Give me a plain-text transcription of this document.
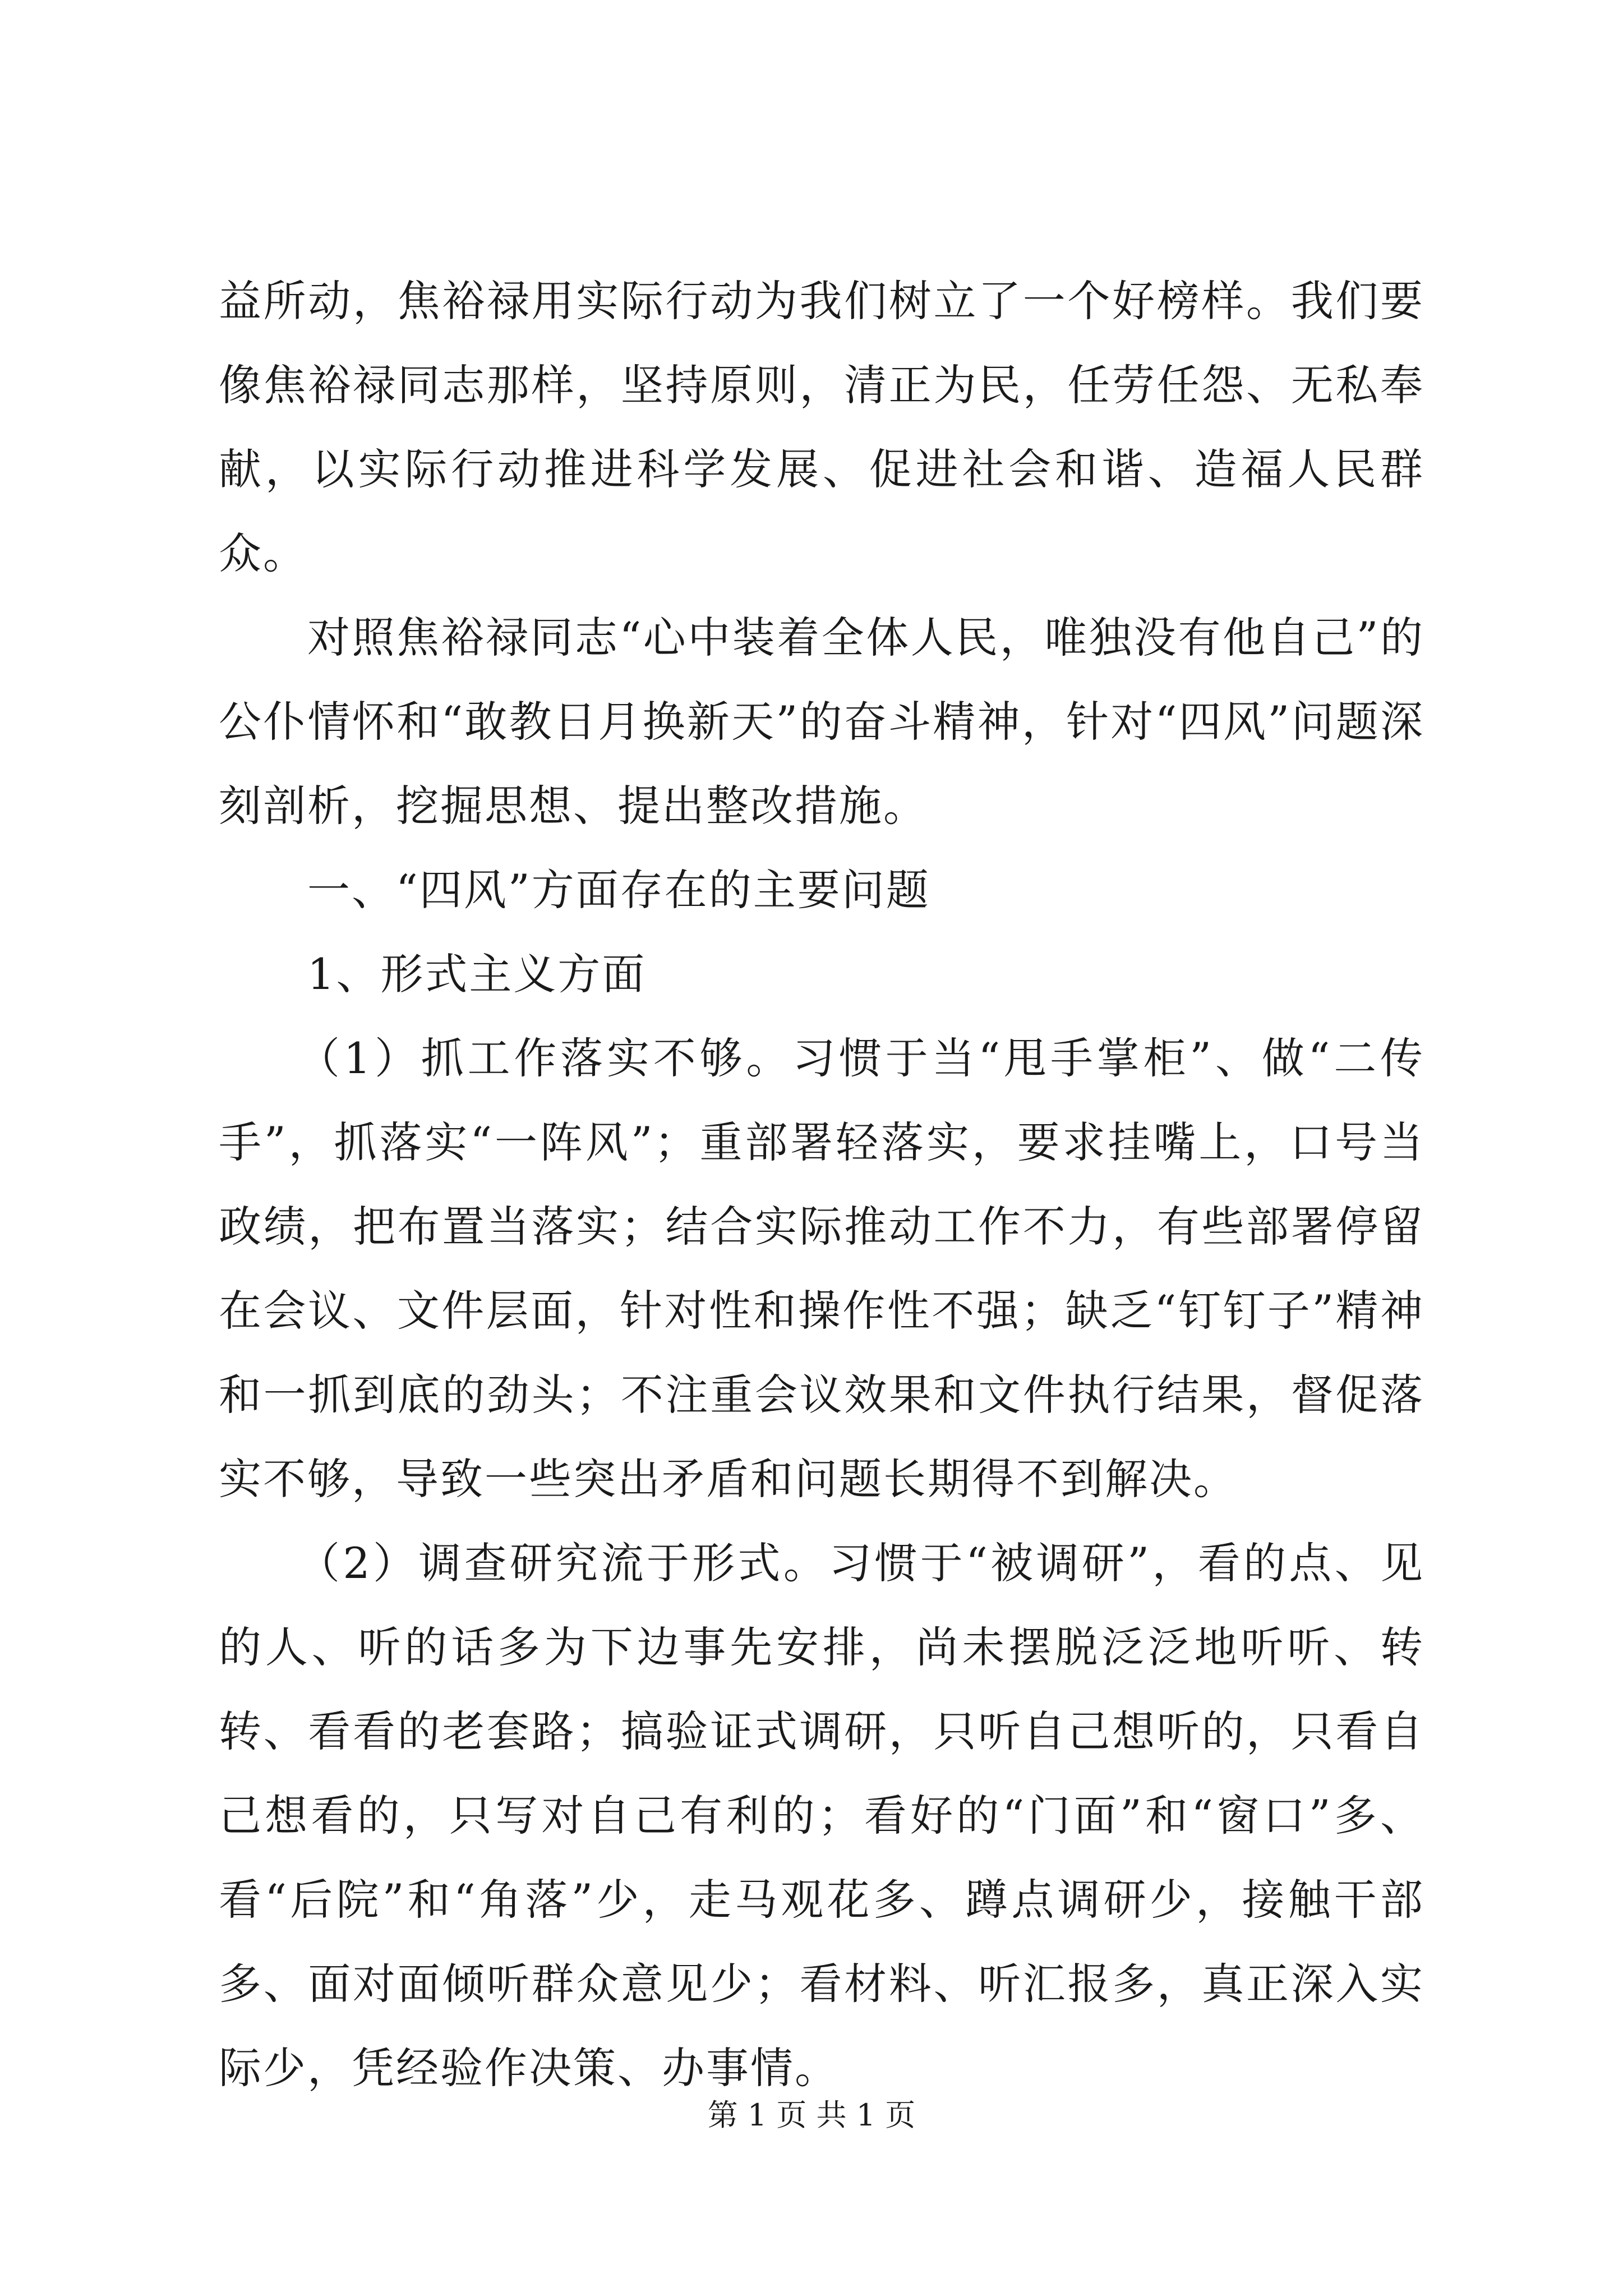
益所动，焦裕禄用实际行动为我们树立了一个好榜样。我们要像焦裕禄同志那样，坚持原则，清正为民，任劳任怨、无私奉献，以实际行动推进科学发展、促进社会和谐、造福人民群众。

对照焦裕禄同志“心中装着全体人民，唯独没有他自己”的公仆情怀和“敢教日月换新天”的奋斗精神，针对“四风”问题深刻剖析，挖掘思想、提出整改措施。

一、“四风”方面存在的主要问题

1、形式主义方面

（1）抓工作落实不够。习惯于当“甩手掌柜”、做“二传手”，抓落实“一阵风”；重部署轻落实，要求挂嘴上，口号当政绩，把布置当落实；结合实际推动工作不力，有些部署停留在会议、文件层面，针对性和操作性不强；缺乏“钉钉子”精神和一抓到底的劲头；不注重会议效果和文件执行结果，督促落实不够，导致一些突出矛盾和问题长期得不到解决。

（2）调查研究流于形式。习惯于“被调研”，看的点、见的人、听的话多为下边事先安排，尚未摆脱泛泛地听听、转转、看看的老套路；搞验证式调研，只听自己想听的，只看自己想看的，只写对自己有利的；看好的“门面”和“窗口”多、看“后院”和“角落”少，走马观花多、蹲点调研少，接触干部多、面对面倾听群众意见少；看材料、听汇报多，真正深入实际少，凭经验作决策、办事情。

第 1 页 共 1 页
